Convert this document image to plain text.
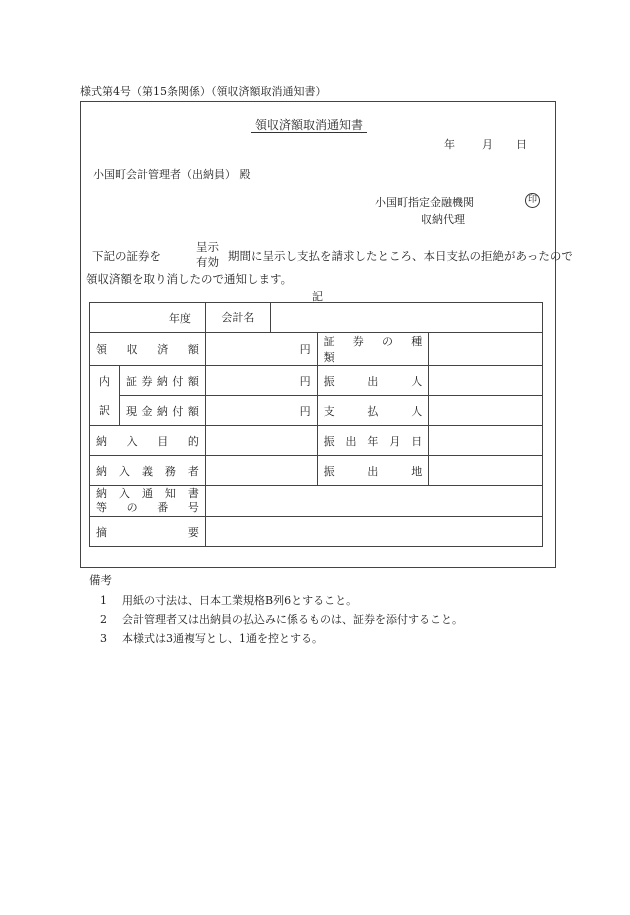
様式第4号（第15条関係）（領収済額取消通知書）
領収済額取消通知書
年 月 日
小国町会計管理者（出納員） 殿
小国町指定金融機関
収納代理
印
下記の証券を
呈示
有効 期間に呈示し支払を請求したところ、本日支払の拒絶があったので
領収済額を取り消したので通知します。
記
年度		会計名		

領　収　済　額		円	証　券　の　種　類	
内	証 券 納 付 額	円	振　　出　　人	
訳	現 金 納 付 額	円	支　　払　　人	
納　入　目　的			振 出 年 月 日	
納　入　義　務　者			振　　出　　地	

納　入　通　知　書
等　の　番　号				

摘　　　　　　要				
備考
1 用紙の寸法は、日本工業規格B列6とすること。
2 会計管理者又は出納員の払込みに係るものは、証券を添付すること。
3 本様式は3通複写とし、1通を控とする。
